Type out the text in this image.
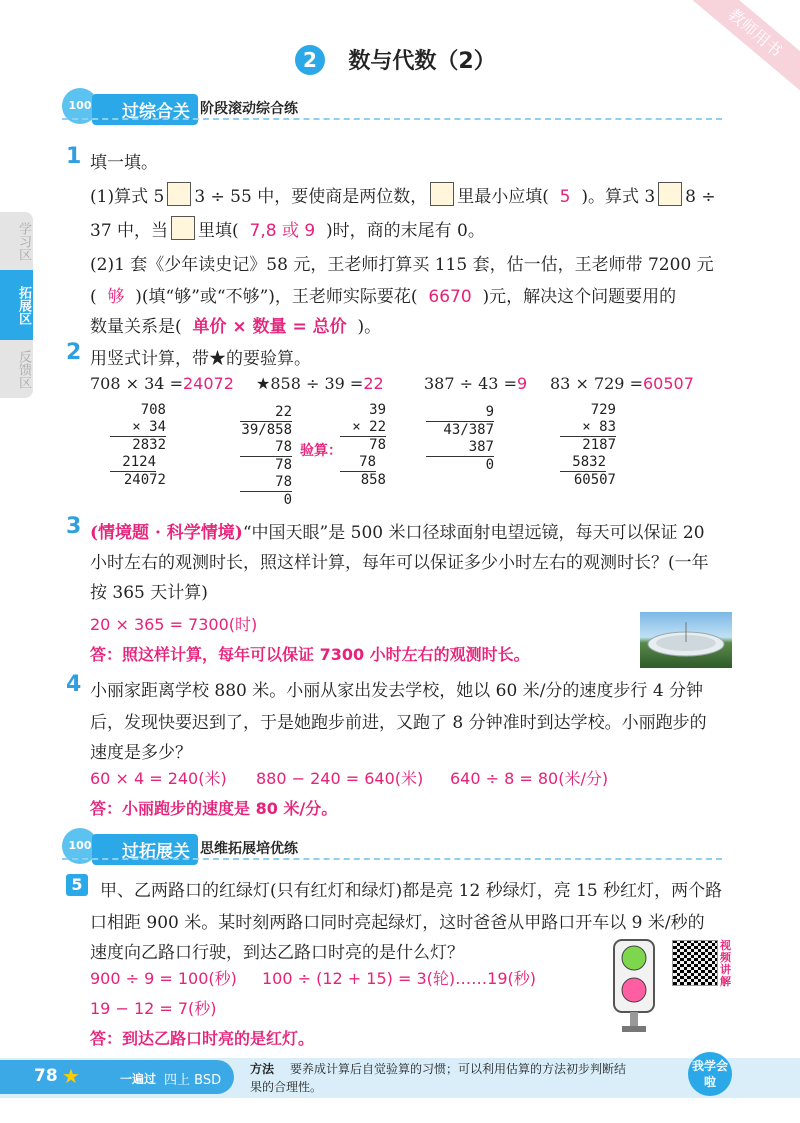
教师用书
2 数与代数（2）
100	过综合关 阶段滚动综合练
学习区
拓展区
反馈区
1 填一填。
(1)算式 5 3 ÷ 55 中，要使商是两位数， 里最小应填( 5 )。算式 3 8 ÷
37 中，当 里填( 7,8 或 9 )时，商的末尾有 0。
(2)1 套《少年读史记》58 元，王老师打算买 115 套，估一估，王老师带 7200 元
( 够 )(填“够”或“不够”)，王老师实际要花( 6670 )元，解决这个问题要用的
数量关系是( 单价 × 数量 = 总价 )。
2 用竖式计算，带★的要验算。
708 × 34 =24072 ★858 ÷ 39 =22	387 ÷ 43 =9 83 × 729 =60507
708
× 34
2832
2124
24072
22
39/858
78
78
78
0
验算：
39
× 22
78
78
858
9
43/387
387
0
729
× 83
2187
5832
60507
3 (情境题 · 科学情境)“中国天眼”是 500 米口径球面射电望远镜，每天可以保证 20
小时左右的观测时长，照这样计算，每年可以保证多少小时左右的观测时长？(一年
按 365 天计算)
20 × 365 = 7300(时)
答：照这样计算，每年可以保证 7300 小时左右的观测时长。
4 小丽家距离学校 880 米。小丽从家出发去学校，她以 60 米/分的速度步行 4 分钟
后，发现快要迟到了，于是她跑步前进，又跑了 8 分钟准时到达学校。小丽跑步的
速度是多少？
60 × 4 = 240(米) 880 − 240 = 640(米) 640 ÷ 8 = 80(米/分)
答：小丽跑步的速度是 80 米/分。
100	过拓展关 思维拓展培优练
5	甲、乙两路口的红绿灯(只有红灯和绿灯)都是亮 12 秒绿灯，亮 15 秒红灯，两个路
口相距 900 米。某时刻两路口同时亮起绿灯，这时爸爸从甲路口开车以 9 米/秒的
速度向乙路口行驶，到达乙路口时亮的是什么灯？
900 ÷ 9 = 100(秒) 100 ÷ (12 + 15) = 3(轮)……19(秒)
19 − 12 = 7(秒)
答：到达乙路口时亮的是红灯。
视频讲解
78 ★	一遍过 四上 BSD
方法 要养成计算后自觉验算的习惯；可以利用估算的方法初步判断结
果的合理性。
我学会啦
